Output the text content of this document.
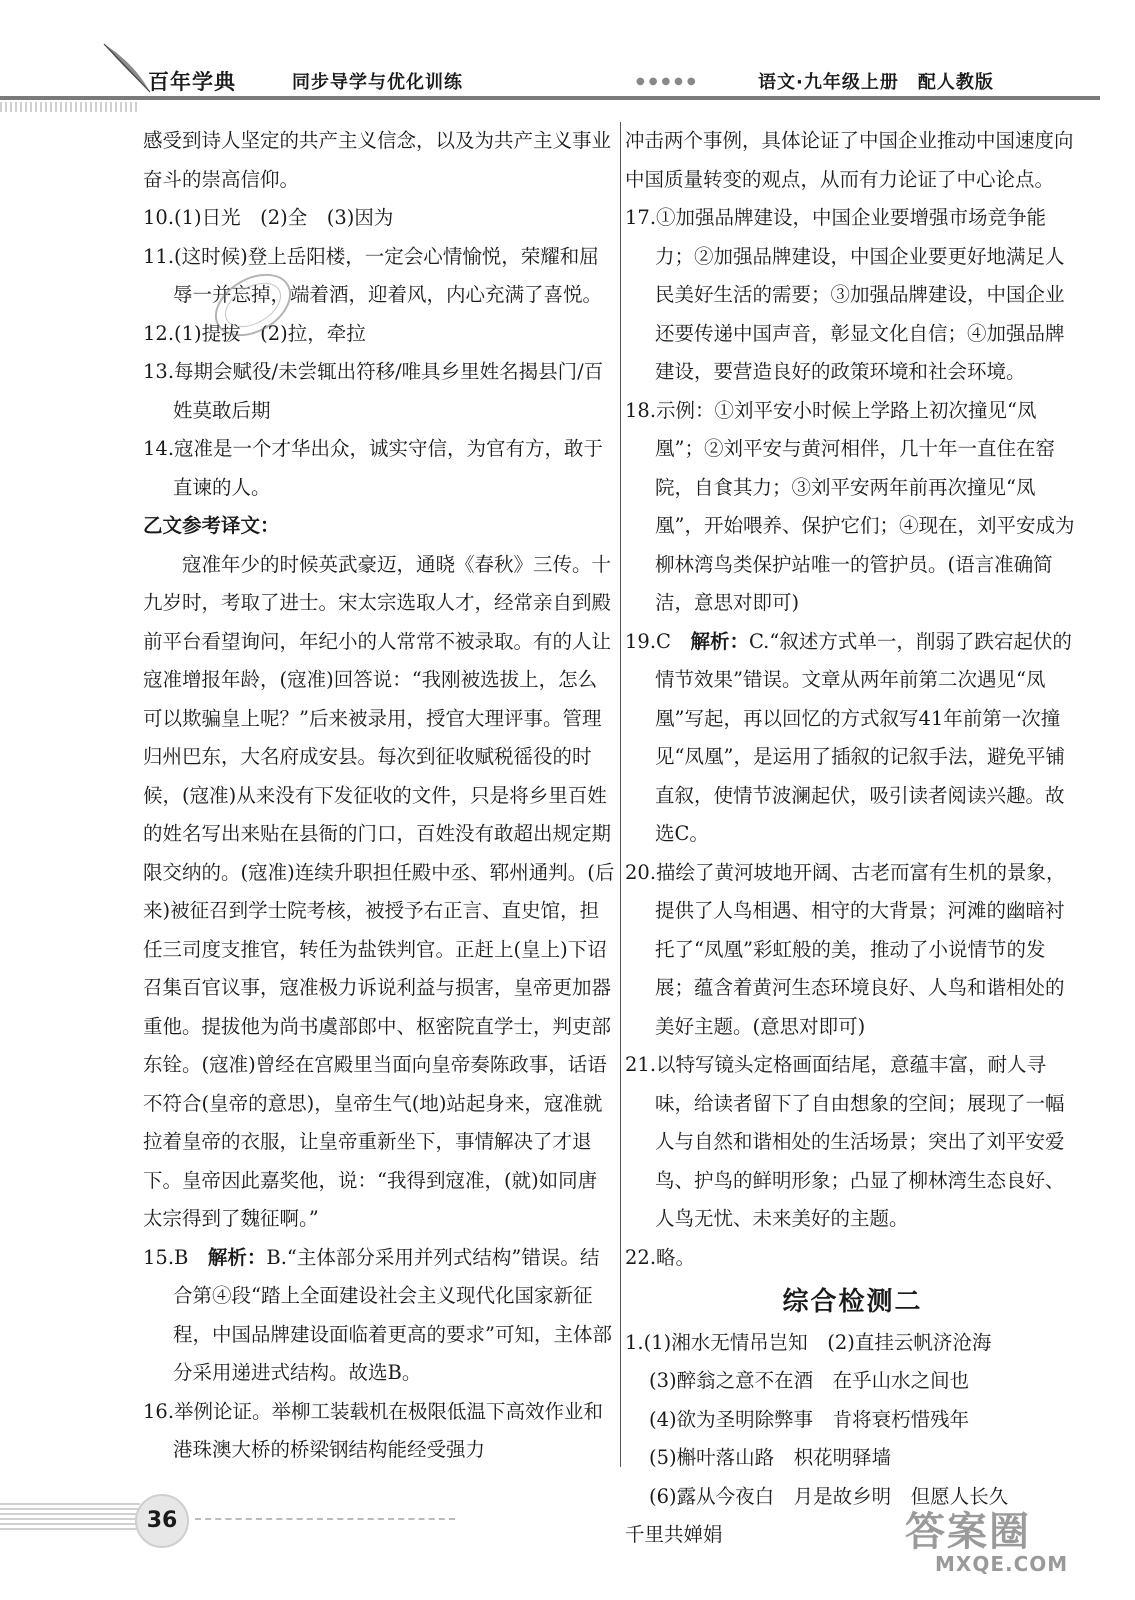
百年学典	同步导学与优化训练	●●●●●	语文·九年级上册　配人教版

感受到诗人坚定的共产主义信念，以及为共产主义事业奋斗的崇高信仰。

10.(1)日光　(2)全　(3)因为

11.(这时候)登上岳阳楼，一定会心情愉悦，荣耀和屈辱一并忘掉，端着酒，迎着风，内心充满了喜悦。

12.(1)提拔　(2)拉，牵拉

13.每期会赋役/未尝辄出符移/唯具乡里姓名揭县门/百姓莫敢后期

14.寇准是一个才华出众，诚实守信，为官有方，敢于直谏的人。

乙文参考译文：

寇准年少的时候英武豪迈，通晓《春秋》三传。十九岁时，考取了进士。宋太宗选取人才，经常亲自到殿前平台看望询问，年纪小的人常常不被录取。有的人让寇准增报年龄，(寇准)回答说：“我刚被选拔上，怎么可以欺骗皇上呢？”后来被录用，授官大理评事。管理归州巴东，大名府成安县。每次到征收赋税徭役的时候，(寇准)从来没有下发征收的文件，只是将乡里百姓的姓名写出来贴在县衙的门口，百姓没有敢超出规定期限交纳的。(寇准)连续升职担任殿中丞、郓州通判。(后来)被征召到学士院考核，被授予右正言、直史馆，担任三司度支推官，转任为盐铁判官。正赶上(皇上)下诏召集百官议事，寇准极力诉说利益与损害，皇帝更加器重他。提拔他为尚书虞部郎中、枢密院直学士，判吏部东铨。(寇准)曾经在宫殿里当面向皇帝奏陈政事，话语不符合(皇帝的意思)，皇帝生气(地)站起身来，寇准就拉着皇帝的衣服，让皇帝重新坐下，事情解决了才退下。皇帝因此嘉奖他，说：“我得到寇准，(就)如同唐太宗得到了魏征啊。”

15.B　解析：B.“主体部分采用并列式结构”错误。结合第④段“踏上全面建设社会主义现代化国家新征程，中国品牌建设面临着更高的要求”可知，主体部分采用递进式结构。故选B。

16.举例论证。举柳工装载机在极限低温下高效作业和港珠澳大桥的桥梁钢结构能经受强力

冲击两个事例，具体论证了中国企业推动中国速度向中国质量转变的观点，从而有力论证了中心论点。

17.①加强品牌建设，中国企业要增强市场竞争能力；②加强品牌建设，中国企业要更好地满足人民美好生活的需要；③加强品牌建设，中国企业还要传递中国声音，彰显文化自信；④加强品牌建设，要营造良好的政策环境和社会环境。

18.示例：①刘平安小时候上学路上初次撞见“凤凰”；②刘平安与黄河相伴，几十年一直住在窑院，自食其力；③刘平安两年前再次撞见“凤凰”，开始喂养、保护它们；④现在，刘平安成为柳林湾鸟类保护站唯一的管护员。(语言准确简洁，意思对即可)

19.C　解析：C.“叙述方式单一，削弱了跌宕起伏的情节效果”错误。文章从两年前第二次遇见“凤凰”写起，再以回忆的方式叙写41年前第一次撞见“凤凰”，是运用了插叙的记叙手法，避免平铺直叙，使情节波澜起伏，吸引读者阅读兴趣。故选C。

20.描绘了黄河坡地开阔、古老而富有生机的景象，提供了人鸟相遇、相守的大背景；河滩的幽暗衬托了“凤凰”彩虹般的美，推动了小说情节的发展；蕴含着黄河生态环境良好、人鸟和谐相处的美好主题。(意思对即可)

21.以特写镜头定格画面结尾，意蕴丰富，耐人寻味，给读者留下了自由想象的空间；展现了一幅人与自然和谐相处的生活场景；突出了刘平安爱鸟、护鸟的鲜明形象；凸显了柳林湾生态良好、人鸟无忧、未来美好的主题。

22.略。

综合检测二

1.(1)湘水无情吊岂知　(2)直挂云帆济沧海

(3)醉翁之意不在酒　在乎山水之间也

(4)欲为圣明除弊事　肯将衰朽惜残年

(5)槲叶落山路　枳花明驿墙

(6)露从今夜白　月是故乡明　但愿人长久

千里共婵娟

36	答案圈
MXQE.COM
